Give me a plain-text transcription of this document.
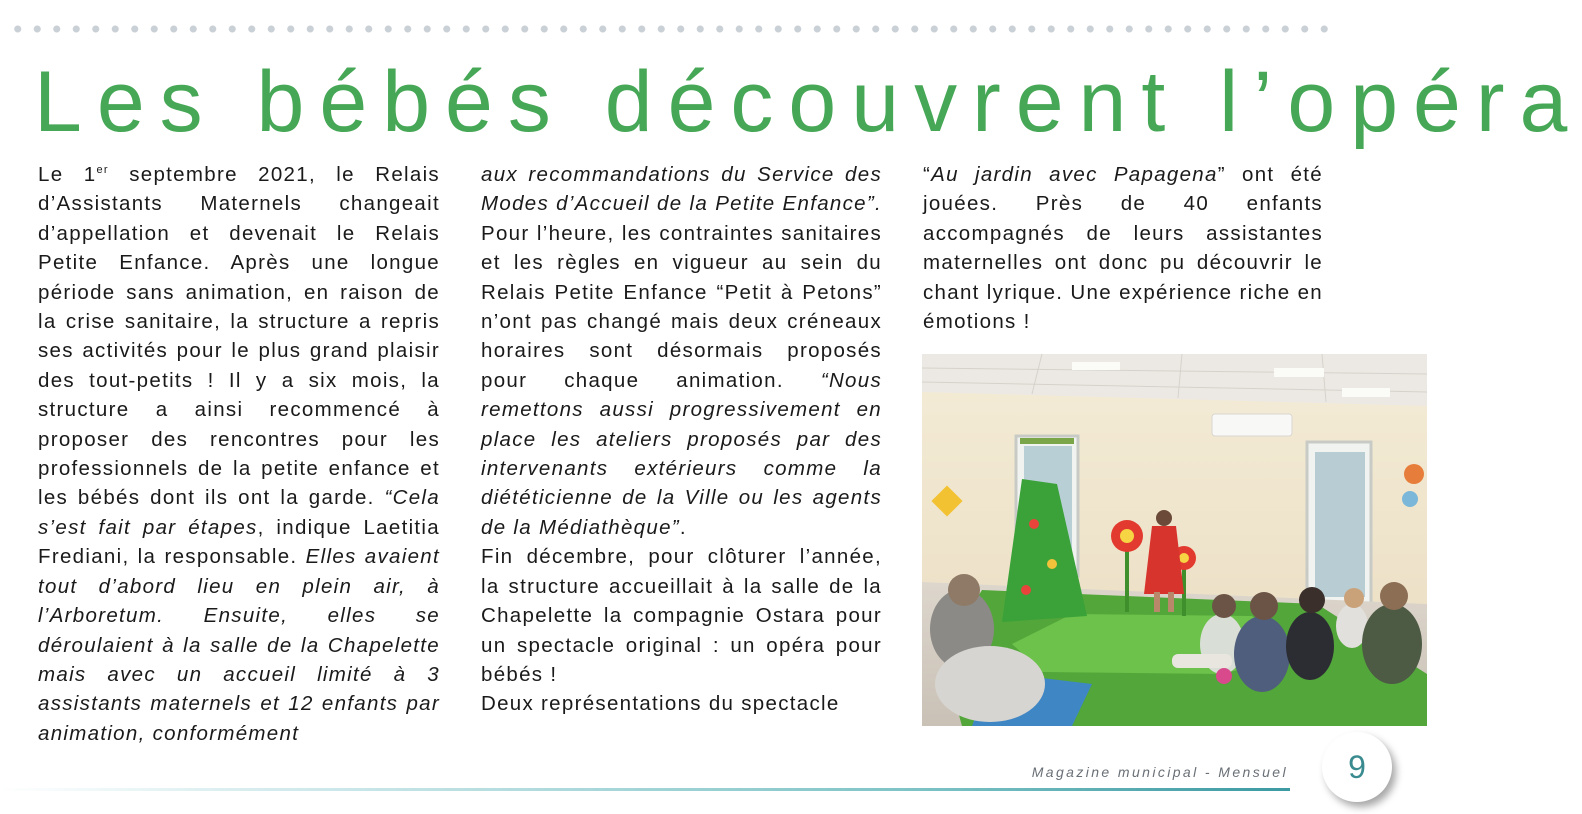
Les bébés découvrent l’opéra

Le 1er septembre 2021, le Relais d’Assistants Maternels changeait d’appellation et devenait le Relais Petite Enfance. Après une longue période sans animation, en raison de la crise sanitaire, la structure a repris ses activités pour le plus grand plaisir des tout-petits ! Il y a six mois, la structure a ainsi recommencé à proposer des rencontres pour les professionnels de la petite enfance et les bébés dont ils ont la garde. “Cela s’est fait par étapes, indique Laetitia Frediani, la responsable. Elles avaient tout d’abord lieu en plein air, à l’Arboretum. Ensuite, elles se déroulaient à la salle de la Chapelette mais avec un accueil limité à 3 assistants maternels et 12 enfants par animation, conformément

aux recommandations du Service des Modes d’Accueil de la Petite Enfance”. Pour l’heure, les contraintes sanitaires et les règles en vigueur au sein du Relais Petite Enfance “Petit à Petons” n’ont pas changé mais deux créneaux horaires sont désormais proposés pour chaque animation. “Nous remettons aussi progressivement en place les ateliers proposés par des intervenants extérieurs comme la diététicienne de la Ville ou les agents de la Médiathèque”.

Fin décembre, pour clôturer l’année, la structure accueillait à la salle de la Chapelette la compagnie Ostara pour un spectacle original : un opéra pour bébés !

Deux représentations du spectacle

“Au jardin avec Papagena” ont été jouées. Près de 40 enfants accompagnés de leurs assistantes maternelles ont donc pu découvrir le chant lyrique. Une expérience riche en émotions !

Magazine municipal - Mensuel	9
